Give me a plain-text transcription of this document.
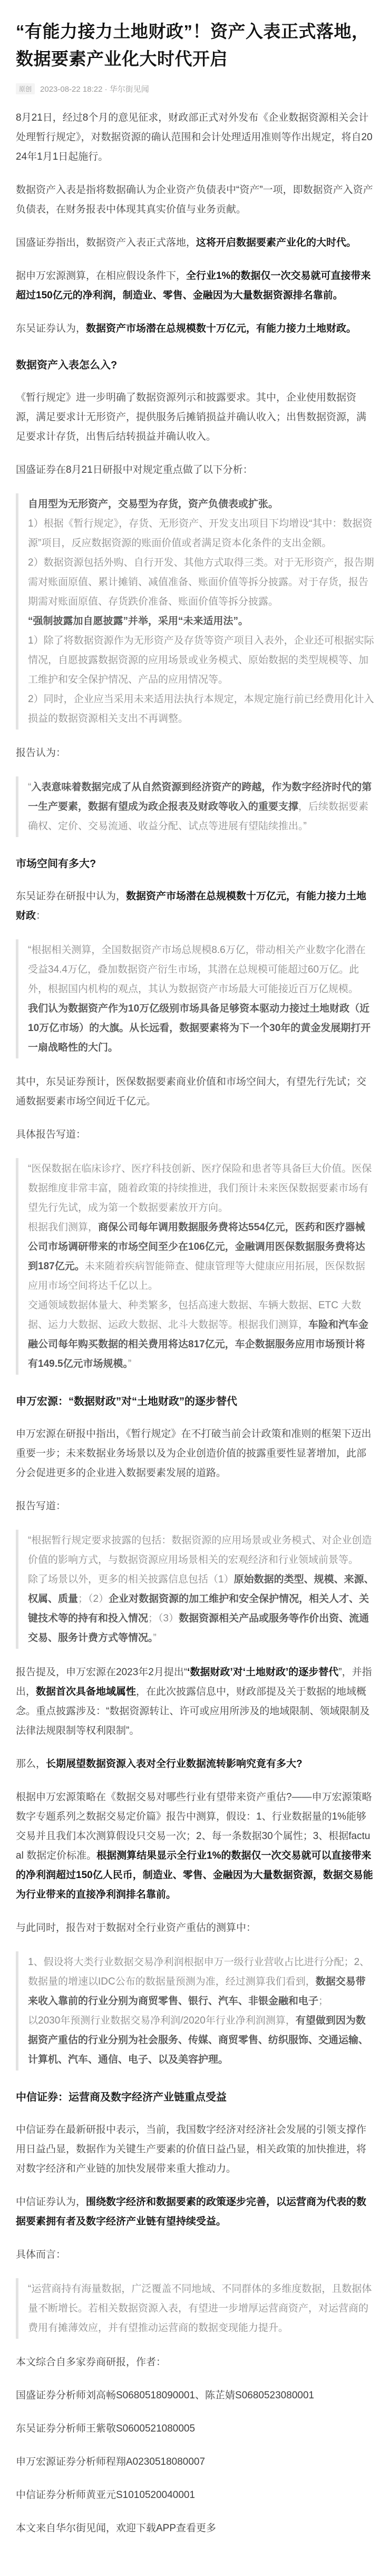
“有能力接力土地财政”！资产入表正式落地，数据要素产业化大时代开启
原创	2023-08-22 18:22 · 华尔街见闻

8月21日，经过8个月的意见征求，财政部正式对外发布《企业数据资源相关会计处理暂行规定》，对数据资源的确认范围和会计处理适用准则等作出规定，将自2024年1月1日起施行。

数据资产入表是指将数据确认为企业资产负债表中“资产”一项，即数据资产入资产负债表，在财务报表中体现其真实价值与业务贡献。

国盛证券指出，数据资产入表正式落地，这将开启数据要素产业化的大时代。

据申万宏源测算，在相应假设条件下，全行业1%的数据仅一次交易就可直接带来超过150亿元的净利润，制造业、零售、金融因为大量数据资源排名靠前。

东吴证券认为，数据资产市场潜在总规模数十万亿元，有能力接力土地财政。

数据资产入表怎么入?

《暂行规定》进一步明确了数据资源列示和披露要求。其中，企业使用数据资源，满足要求计无形资产，提供服务后摊销损益并确认收入；出售数据资源，满足要求计存货，出售后结转损益并确认收入。

国盛证券在8月21日研报中对规定重点做了以下分析：

自用型为无形资产，交易型为存货，资产负债表或扩张。

1）根据《暂行规定》，存货、无形资产、开发支出项目下均增设“其中：数据资源”项目，反应数据资源的账面价值或者满足资本化条件的支出金额。

2）数据资源包括外购、自行开发、其他方式取得三类。对于无形资产，报告期需对账面原值、累计摊销、减值准备、账面价值等拆分披露。对于存货，报告期需对账面原值、存货跌价准备、账面价值等拆分披露。

“强制披露加自愿披露”并举，采用“未来适用法”。

1）除了将数据资源作为无形资产及存货等资产项目入表外，企业还可根据实际情况，自愿披露数据资源的应用场景或业务模式、原始数据的类型规模等、加工维护和安全保护情况、产品的应用情况等。

2）同时，企业应当采用未来适用法执行本规定，本规定施行前已经费用化计入损益的数据资源相关支出不再调整。

报告认为：

“入表意味着数据完成了从自然资源到经济资产的跨越，作为数字经济时代的第一生产要素，数据有望成为政企报表及财政等收入的重要支撑，后续数据要素确权、定价、交易流通、收益分配、试点等进展有望陆续推出。”

市场空间有多大?

东吴证券在研报中认为，数据资产市场潜在总规模数十万亿元，有能力接力土地财政：

“根据相关测算，全国数据资产市场总规模8.6万亿，带动相关产业数字化潜在受益34.4万亿，叠加数据资产衍生市场，其潜在总规模可能超过60万亿。此外，根据国内机构的观点，其认为数据资产市场最大可能接近百万亿规模。

我们认为数据资产作为10万亿级别市场具备足够资本驱动力接过土地财政（近10万亿市场）的大旗。从长远看，数据要素将为下一个30年的黄金发展期打开一扇战略性的大门。

其中，东吴证券预计，医保数据要素商业价值和市场空间大，有望先行先试；交通数据要素市场空间近千亿元。

具体报告写道：

“医保数据在临床诊疗、医疗科技创新、医疗保险和患者等具备巨大价值。医保数据维度非常丰富，随着政策的持续推进，我们预计未来医保数据要素市场有望先行先试，成为第一个数据要素放开方向。

根据我们测算，商保公司每年调用数据服务费将达554亿元，医药和医疗器械公司市场调研带来的市场空间至少在106亿元，金融调用医保数据服务费将达到187亿元。未来随着疾病智能筛查、健康管理等大健康应用拓展，医保数据应用市场空间将达千亿以上。

交通领域数据体量大、种类繁多，包括高速大数据、车辆大数据、ETC 大数据、运力大数据、运政大数据、北斗大数据等。根据我们测算，车险和汽车金融公司每年购买数据的相关费用将达817亿元，车企数据服务应用市场预计将有149.5亿元市场规模。”

申万宏源：“数据财政”对“土地财政”的逐步替代

申万宏源在研报中指出，《暂行规定》在不打破当前会计政策和准则的框架下迈出重要一步；未来数据业务场景以及为企业创造价值的披露重要性显著增加，此部分会促进更多的企业进入数据要素发展的道路。

报告写道：

“根据暂行规定要求披露的包括：数据资源的应用场景或业务模式、对企业创造价值的影响方式，与数据资源应用场景相关的宏观经济和行业领域前景等。

除了场景以外，更多的相关披露信息包括（1）原始数据的类型、规模、来源、权属、质量；（2）企业对数据资源的加工维护和安全保护情况，相关人才、关键技术等的持有和投入情况；（3）数据资源相关产品或服务等作价出资、流通交易、服务计费方式等情况。”

报告提及，申万宏源在2023年2月提出“‘数据财政’对‘土地财政’的逐步替代”，并指出，数据首次具备地域属性，在此次披露信息中，财政部提及关于数据的地域概念。重点披露涉及：“数据资源转让、许可或应用所涉及的地域限制、领域限制及法律法规限制等权利限制”。

那么，长期展望数据资源入表对全行业数据流转影响究竟有多大?

根据申万宏源策略在《数据交易对哪些行业有望带来资产重估?——申万宏源策略数字专题系列之数据交易定价篇》报告中测算，假设：1、行业数据量的1%能够交易并且我们本次测算假设只交易一次；2、每一条数据30个属性；3、根据factual 数据定价标准。根据测算结果显示全行业1%的数据仅一次交易就可以直接带来的净利润超过150亿人民币，制造业、零售、金融因为大量数据资源，数据交易能为行业带来的直接净利润排名靠前。

与此同时，报告对于数据对全行业资产重估的测算中：

1、假设将大类行业数据交易净利润根据申万一级行业营收占比进行分配；2、数据量的增速以IDC公布的数据量预测为准，经过测算我们看到，数据交易带来收入靠前的行业分别为商贸零售、银行、汽车、非银金融和电子；

以2030年预测行业数据交易净利润/2020年行业净利润测算，有望做到因为数据资产重估的行业分别为社会服务、传媒、商贸零售、纺织服饰、交通运输、计算机、汽车、通信、电子、以及美容护理。

中信证券：运营商及数字经济产业链重点受益

中信证券在最新研报中表示，当前，我国数字经济对经济社会发展的引领支撑作用日益凸显，数据作为关键生产要素的价值日益凸显，相关政策的加快推进，将对数字经济和产业链的加快发展带来重大推动力。

中信证券认为，围绕数字经济和数据要素的政策逐步完善，以运营商为代表的数据要素拥有者及数字经济产业链有望持续受益。

具体而言：

“运营商持有海量数据，广泛覆盖不同地域、不同群体的多维度数据，且数据体量不断增长。若相关数据资源入表，有望进一步增厚运营商资产，对运营商的费用有摊薄效应，并有望推动运营商的数据变现能力提升。

本文综合自多家券商研报，作者：

国盛证券分析师刘高畅S0680518090001、陈芷婧S0680523080001

东吴证券分析师王紫敬S0600521080005

申万宏源证券分析师程翔A0230518080007

中信证券分析师黄亚元S1010520040001

本文来自华尔街见闻，欢迎下载APP查看更多
